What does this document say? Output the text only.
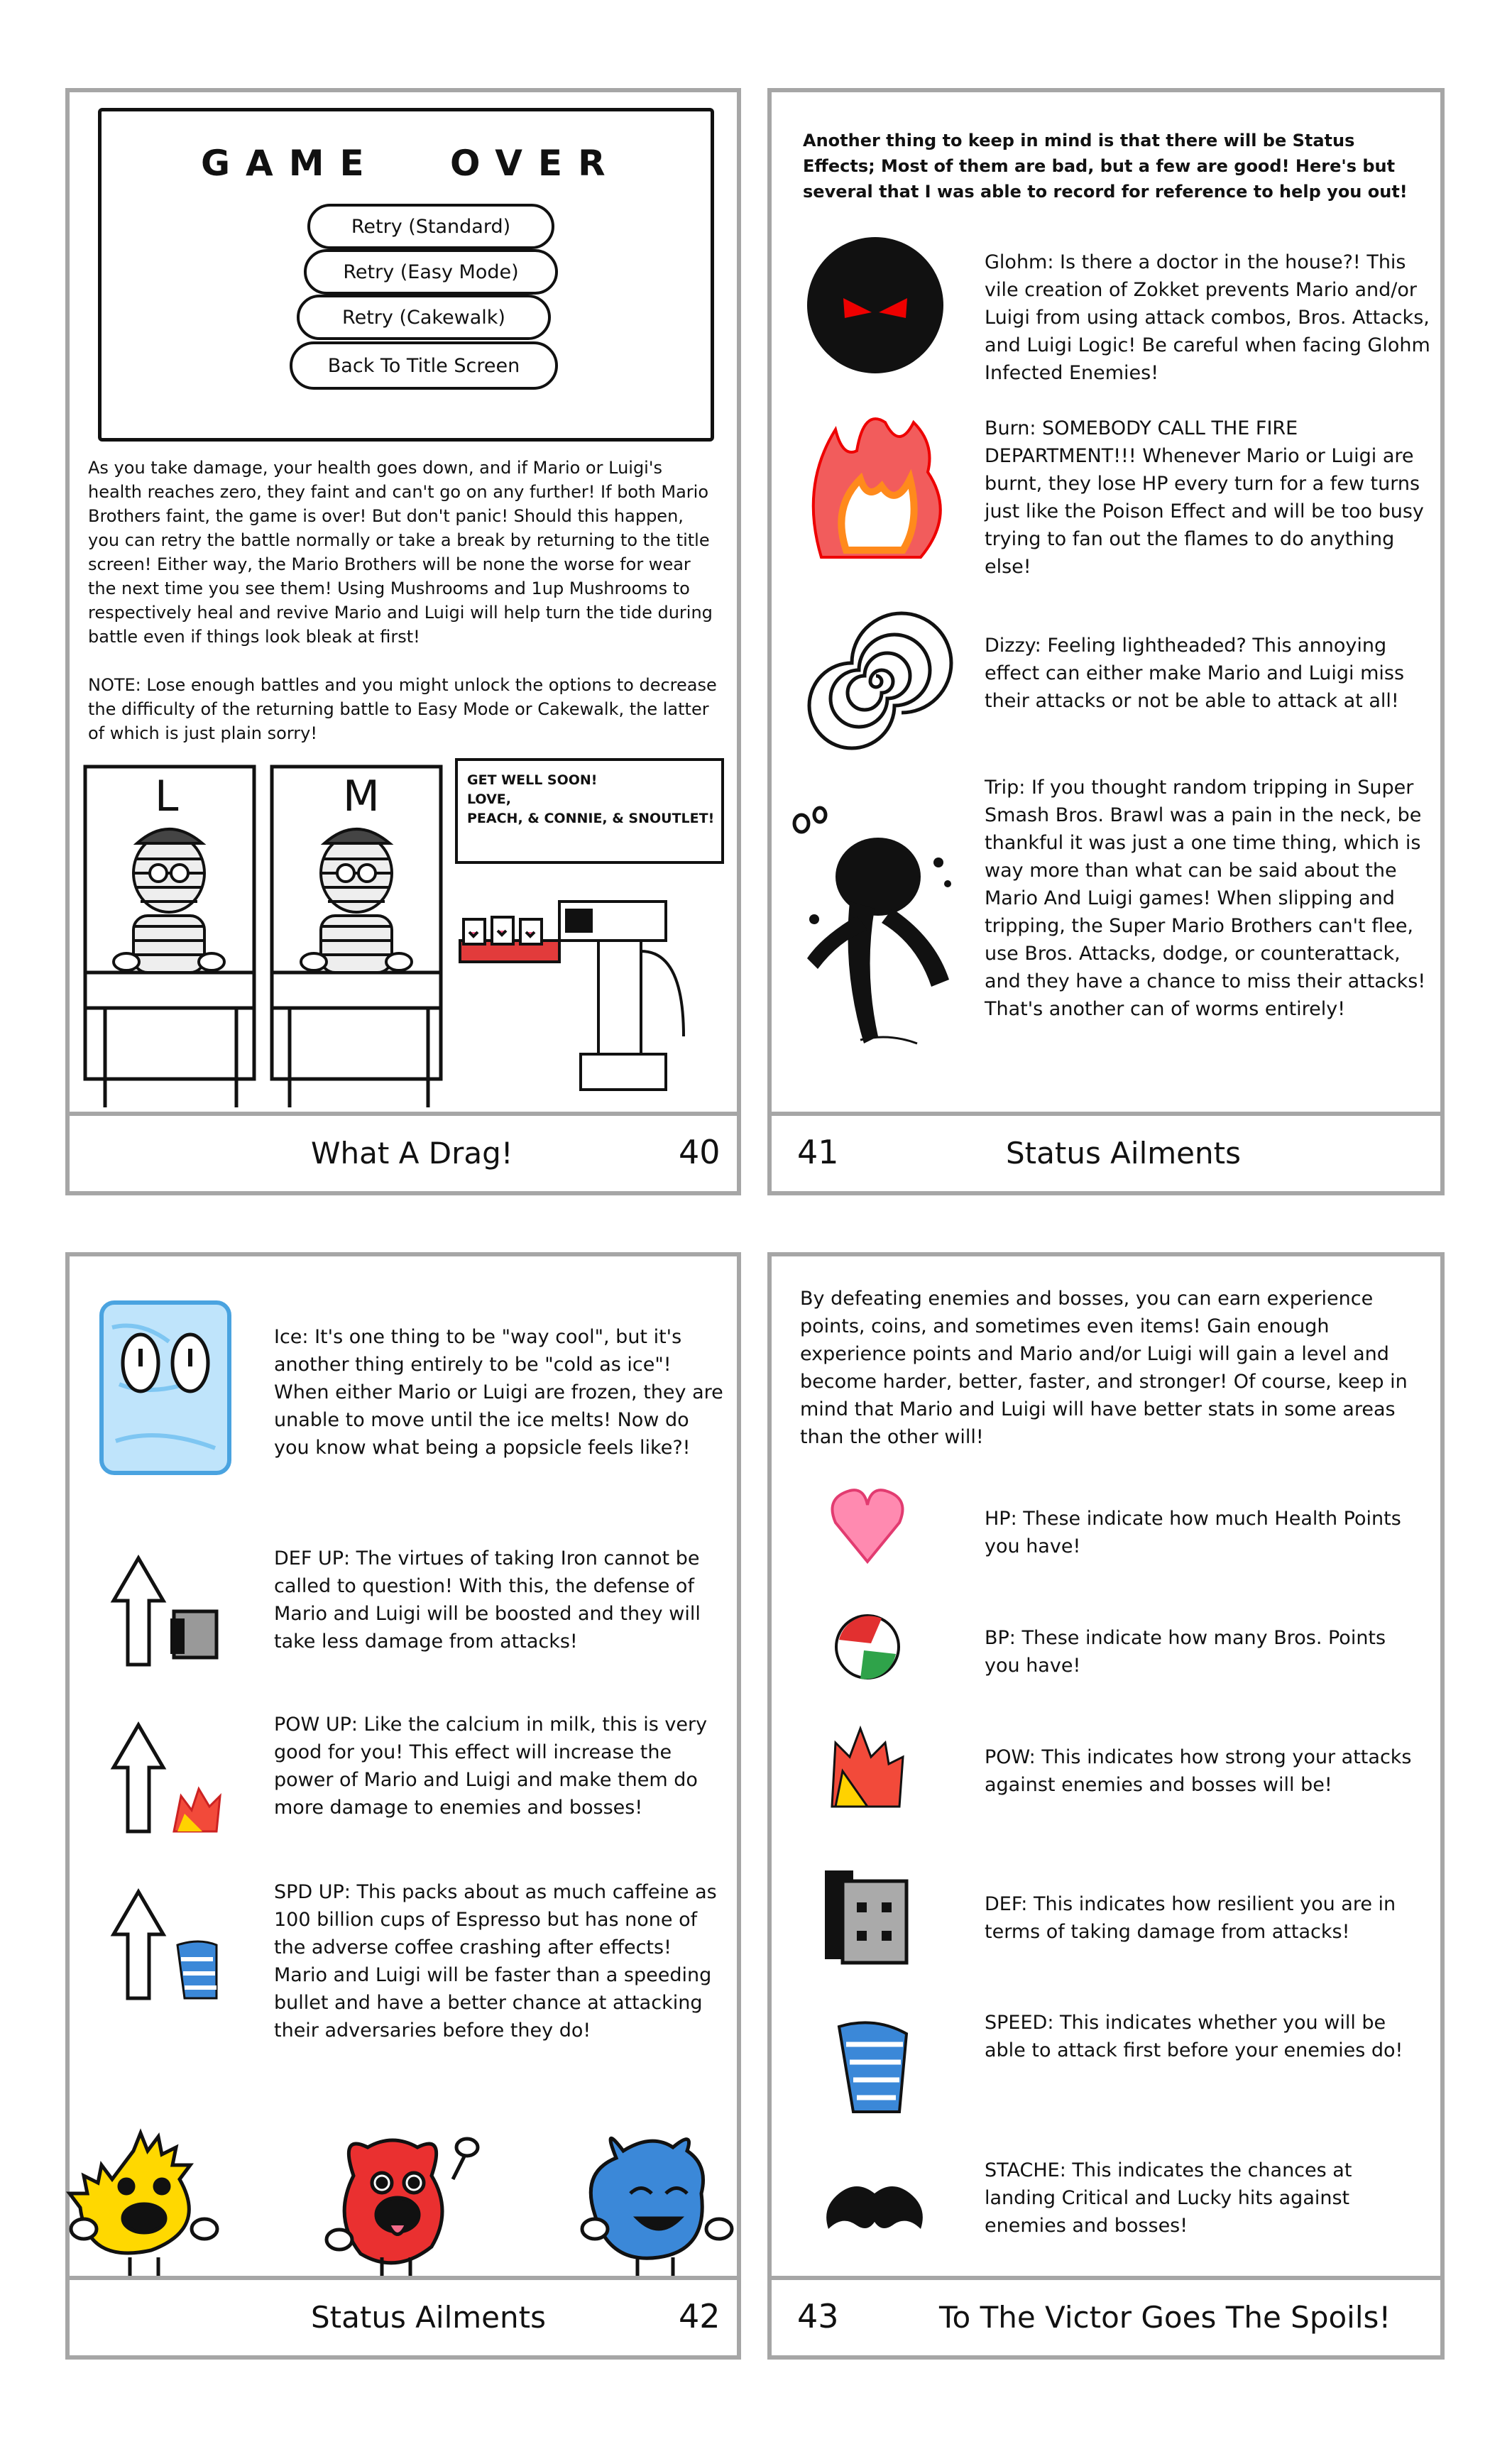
GAME OVER
Retry (Standard)
Retry (Easy Mode)
Retry (Cakewalk)
Back To Title Screen

As you take damage, your health goes down, and if Mario or Luigi's health reaches zero, they faint and can't go on any further! If both Mario Brothers faint, the game is over! But don't panic! Should this happen, you can retry the battle normally or take a break by returning to the title screen! Either way, the Mario Brothers will be none the worse for wear the next time you see them! Using Mushrooms and 1up Mushrooms to respectively heal and revive Mario and Luigi will help turn the tide during battle even if things look bleak at first!

NOTE: Lose enough battles and you might unlock the options to decrease the difficulty of the returning battle to Easy Mode or Cakewalk, the latter of which is just plain sorry!

L	M	GET WELL SOON! LOVE, PEACH, & CONNIE, & SNOUTLET!
What A Drag!	40
Another thing to keep in mind is that there will be Status Effects; Most of them are bad, but a few are good! Here's but several that I was able to record for reference to help you out!
Glohm: Is there a doctor in the house?! This vile creation of Zokket prevents Mario and/or Luigi from using attack combos, Bros. Attacks, and Luigi Logic! Be careful when facing Glohm Infected Enemies!
Burn: SOMEBODY CALL THE FIRE DEPARTMENT!!! Whenever Mario or Luigi are burnt, they lose HP every turn for a few turns just like the Poison Effect and will be too busy trying to fan out the flames to do anything else!
Dizzy: Feeling lightheaded? This annoying effect can either make Mario and Luigi miss their attacks or not be able to attack at all!
Trip: If you thought random tripping in Super Smash Bros. Brawl was a pain in the neck, be thankful it was just a one time thing, which is way more than what can be said about the Mario And Luigi games! When slipping and tripping, the Super Mario Brothers can't flee, use Bros. Attacks, dodge, or counterattack, and they have a chance to miss their attacks! That's another can of worms entirely!
41	Status Ailments
Ice: It's one thing to be "way cool", but it's another thing entirely to be "cold as ice"! When either Mario or Luigi are frozen, they are unable to move until the ice melts! Now do you know what being a popsicle feels like?!
DEF UP: The virtues of taking Iron cannot be called to question! With this, the defense of Mario and Luigi will be boosted and they will take less damage from attacks!
POW UP: Like the calcium in milk, this is very good for you! This effect will increase the power of Mario and Luigi and make them do more damage to enemies and bosses!
SPD UP: This packs about as much caffeine as 100 billion cups of Espresso but has none of the adverse coffee crashing after effects! Mario and Luigi will be faster than a speeding bullet and have a better chance at attacking their adversaries before they do!
Status Ailments	42
By defeating enemies and bosses, you can earn experience points, coins, and sometimes even items! Gain enough experience points and Mario and/or Luigi will gain a level and become harder, better, faster, and stronger! Of course, keep in mind that Mario and Luigi will have better stats in some areas than the other will!
HP: These indicate how much Health Points you have!
BP: These indicate how many Bros. Points you have!
POW: This indicates how strong your attacks against enemies and bosses will be!
DEF: This indicates how resilient you are in terms of taking damage from attacks!
SPEED: This indicates whether you will be able to attack first before your enemies do!
STACHE: This indicates the chances at landing Critical and Lucky hits against enemies and bosses!
43	To The Victor Goes The Spoils!
